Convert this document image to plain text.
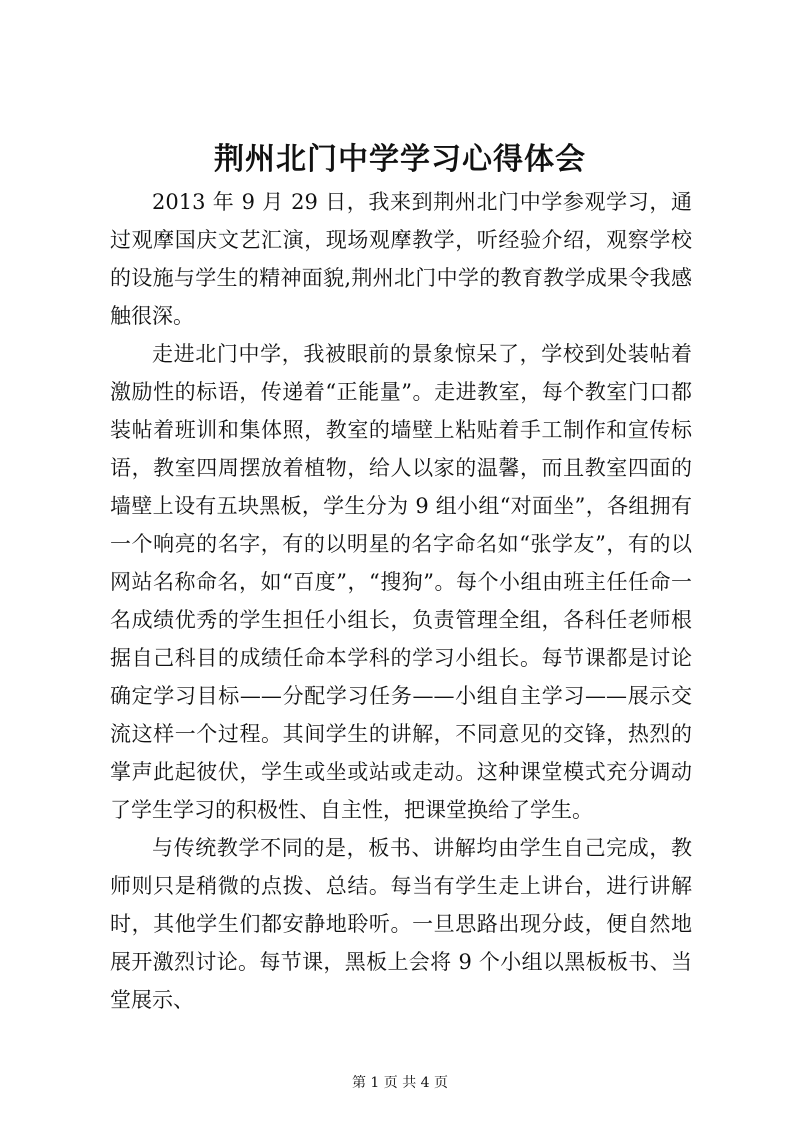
荆州北门中学学习心得体会

2013 年 9 月 29 日，我来到荆州北门中学参观学习，通过观摩国庆文艺汇演，现场观摩教学，听经验介绍，观察学校的设施与学生的精神面貌,荆州北门中学的教育教学成果令我感触很深。

走进北门中学，我被眼前的景象惊呆了，学校到处装帖着激励性的标语，传递着“正能量”。走进教室，每个教室门口都装帖着班训和集体照，教室的墙壁上粘贴着手工制作和宣传标语，教室四周摆放着植物，给人以家的温馨，而且教室四面的墙壁上设有五块黑板，学生分为 9 组小组“对面坐”，各组拥有一个响亮的名字，有的以明星的名字命名如“张学友”，有的以网站名称命名，如“百度”，“搜狗”。每个小组由班主任任命一名成绩优秀的学生担任小组长，负责管理全组，各科任老师根据自己科目的成绩任命本学科的学习小组长。每节课都是讨论确定学习目标——分配学习任务——小组自主学习——展示交流这样一个过程。其间学生的讲解，不同意见的交锋，热烈的掌声此起彼伏，学生或坐或站或走动。这种课堂模式充分调动了学生学习的积极性、自主性，把课堂换给了学生。

与传统教学不同的是，板书、讲解均由学生自己完成，教师则只是稍微的点拨、总结。每当有学生走上讲台，进行讲解时，其他学生们都安静地聆听。一旦思路出现分歧，便自然地展开激烈讨论。每节课，黑板上会将 9 个小组以黑板板书、当堂展示、

第 1 页 共 4 页
